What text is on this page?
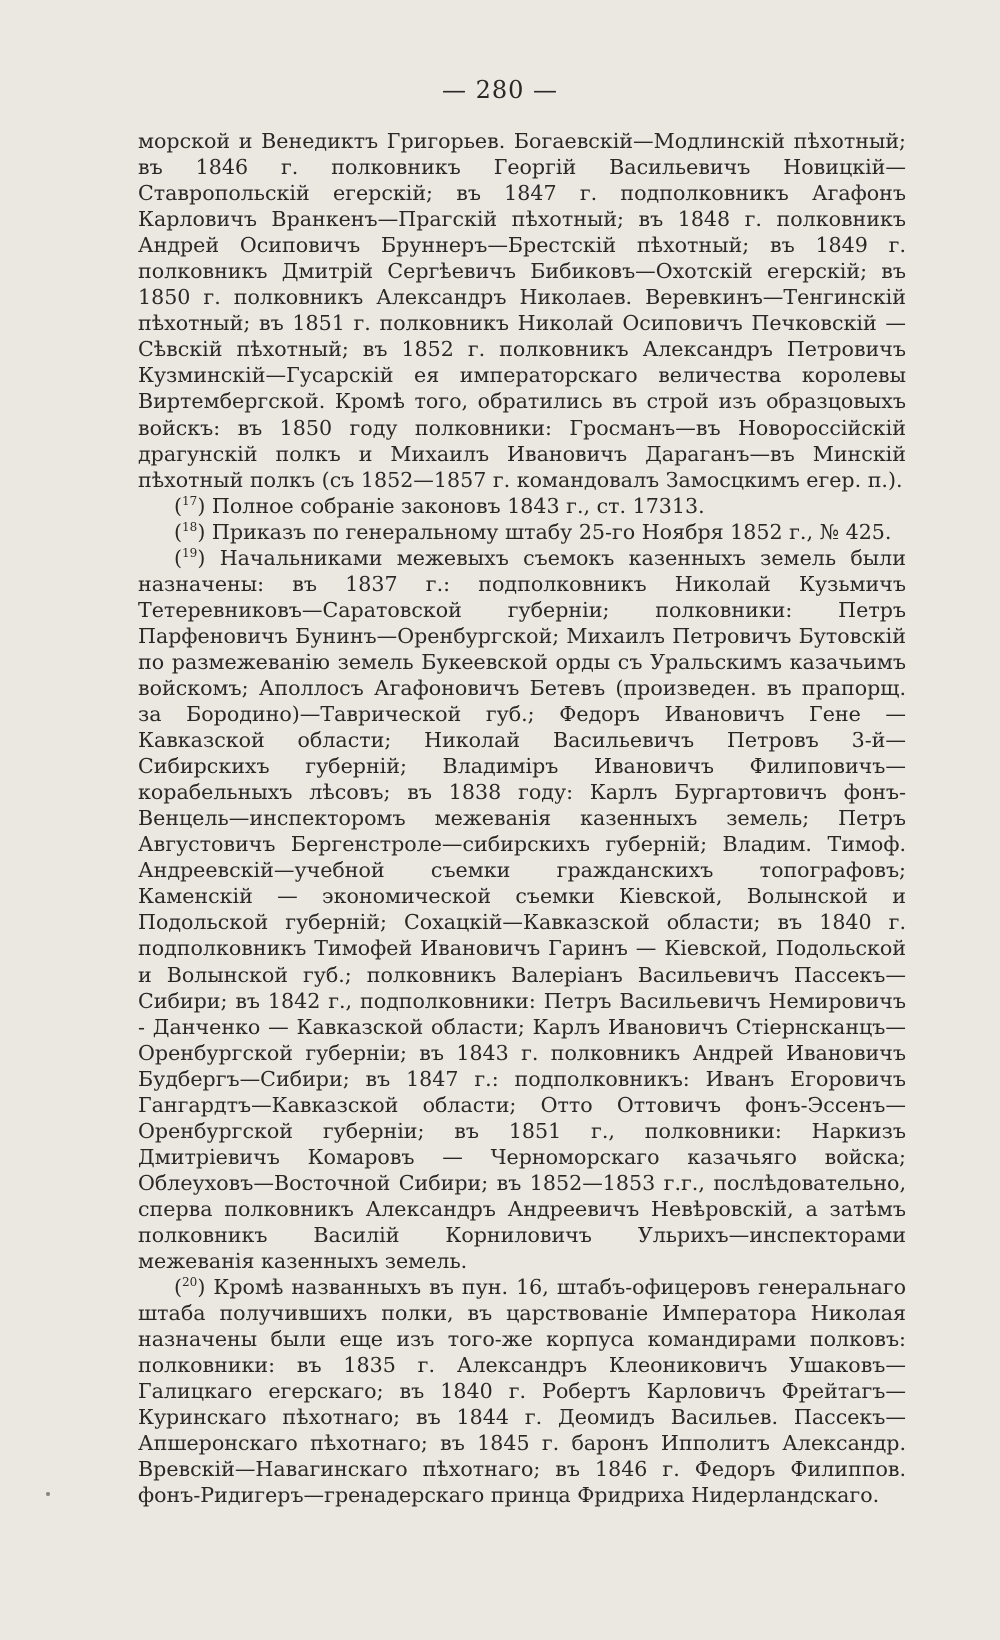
— 280 —

морской и Венедиктъ Григорьев. Богаевскій—Модлинскій пѣхотный; въ 1846 г. полковникъ Георгій Васильевичъ Новицкій—Ставропольскій егерскій; въ 1847 г. подполковникъ Агафонъ Карловичъ Вранкенъ—Прагскій пѣхотный; въ 1848 г. полковникъ Андрей Осиповичъ Бруннеръ—Брестскій пѣхотный; въ 1849 г. полковникъ Дмитрій Сергѣевичъ Бибиковъ—Охотскій егерскій; въ 1850 г. полковникъ Александръ Николаев. Веревкинъ—Тенгинскій пѣхотный; въ 1851 г. полковникъ Николай Осиповичъ Печковскій — Сѣвскій пѣхотный; въ 1852 г. полковникъ Александръ Петровичъ Кузминскій—Гусарскій ея императорскаго величества королевы Виртембергской. Кромѣ того, обратились въ строй изъ образцовыхъ войскъ: въ 1850 году полковники: Гросманъ—въ Новороссійскій драгунскій полкъ и Михаилъ Ивановичъ Дараганъ—въ Минскій пѣхотный полкъ (съ 1852—1857 г. командовалъ Замосцкимъ егер. п.).

($^{17}$) Полное собраніе законовъ 1843 г., ст. 17313.

($^{18}$) Приказъ по генеральному штабу 25-го Ноября 1852 г., № 425.

($^{19}$) Начальниками межевыхъ съемокъ казенныхъ земель были назначены: въ 1837 г.: подполковникъ Николай Кузьмичъ Тетеревниковъ—Саратовской губерніи; полковники: Петръ Парфеновичъ Бунинъ—Оренбургской; Михаилъ Петровичъ Бутовскій по размежеванію земель Букеевской орды съ Уральскимъ казачьимъ войскомъ; Аполлосъ Агафоновичъ Бетевъ (произведен. въ прапорщ. за Бородино)—Таврической губ.; Федоръ Ивановичъ Гене — Кавказской области; Николай Васильевичъ Петровъ 3-й—Сибирскихъ губерній; Владиміръ Ивановичъ Филиповичъ—корабельныхъ лѣсовъ; въ 1838 году: Карлъ Бургартовичъ фонъ-Венцель—инспекторомъ межеванія казенныхъ земель; Петръ Августовичъ Бергенстроле—сибирскихъ губерній; Владим. Тимоф. Андреевскій—учебной съемки гражданскихъ топографовъ; Каменскій — экономической съемки Кіевской, Волынской и Подольской губерній; Сохацкій—Кавказской области; въ 1840 г. подполковникъ Тимофей Ивановичъ Гаринъ — Кіевской, Подольской и Волынской губ.; полковникъ Валеріанъ Васильевичъ Пассекъ—Сибири; въ 1842 г., подполковники: Петръ Васильевичъ Немировичъ - Данченко — Кавказской области; Карлъ Ивановичъ Стіернсканцъ—Оренбургской губерніи; въ 1843 г. полковникъ Андрей Ивановичъ Будбергъ—Сибири; въ 1847 г.: подполковникъ: Иванъ Егоровичъ Гангардтъ—Кавказской области; Отто Оттовичъ фонъ-Эссенъ—Оренбургской губерніи; въ 1851 г., полковники: Наркизъ Дмитріевичъ Комаровъ — Черноморскаго казачьяго войска; Облеуховъ—Восточной Сибири; въ 1852—1853 г.г., послѣдовательно, сперва полковникъ Александръ Андреевичъ Невѣровскій, а затѣмъ полковникъ Василій Корниловичъ Ульрихъ—инспекторами межеванія казенныхъ земель.

($^{20}$) Кромѣ названныхъ въ пун. 16, штабъ-офицеровъ генеральнаго штаба получившихъ полки, въ царствованіе Императора Николая назначены были еще изъ того-же корпуса командирами полковъ: полковники: въ 1835 г. Александръ Клеониковичъ Ушаковъ—Галицкаго егерскаго; въ 1840 г. Робертъ Карловичъ Фрейтагъ—Куринскаго пѣхотнаго; въ 1844 г. Деомидъ Васильев. Пассекъ—Апшеронскаго пѣхотнаго; въ 1845 г. баронъ Ипполитъ Александр. Вревскій—Навагинскаго пѣхотнаго; въ 1846 г. Федоръ Филиппов. фонъ-Ридигеръ—гренадерскаго принца Фридриха Нидерландскаго.
